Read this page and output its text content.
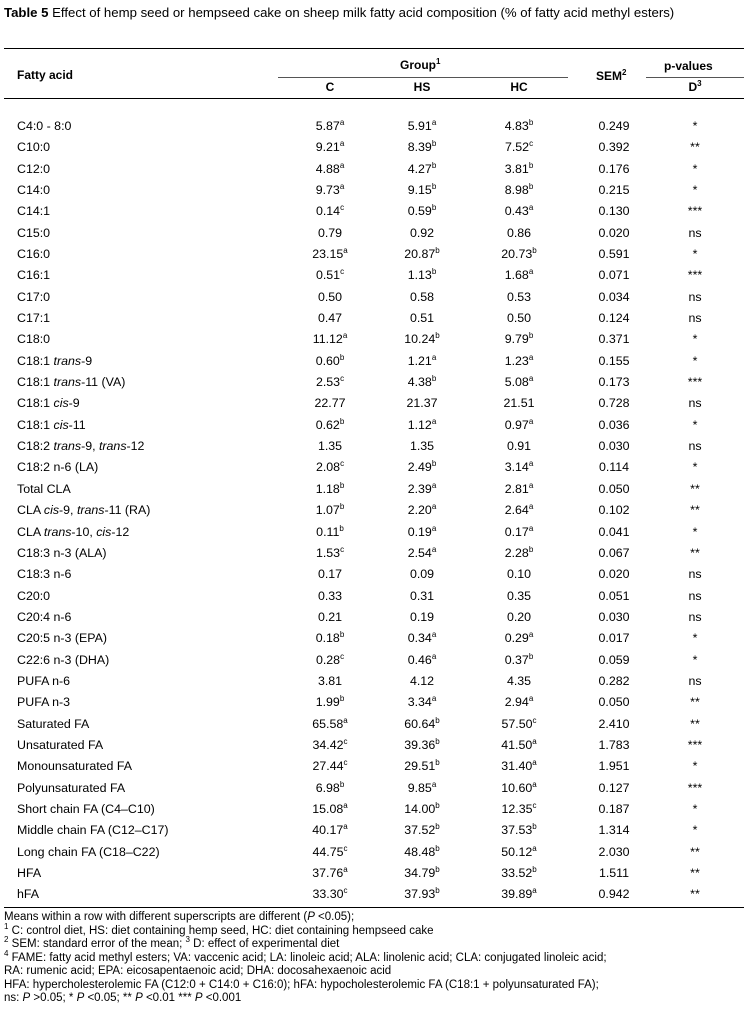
Table 5 Effect of hemp seed or hempseed cake on sheep milk fatty acid composition (% of fatty acid methyl esters)
Fatty acid
Group$^1$
C	HS	HC
SEM$^2$	p-values
$D^3$
C4:0 - 8:0	5.87$^a$	5.91$^a$	4.83$^b$	0.249	*
C10:0	9.21$^a$	8.39$^b$	7.52$^c$	0.392	**
C12:0	4.88$^a$	4.27$^b$	3.81$^b$	0.176	*
C14:0	9.73$^a$	9.15$^b$	8.98$^b$	0.215	*
C14:1	0.14$^c$	0.59$^b$	0.43$^a$	0.130	***
C15:0	0.79	0.92	0.86	0.020	ns
C16:0	23.15$^a$	20.87$^b$	20.73$^b$	0.591	*
C16:1	0.51$^c$	1.13$^b$	1.68$^a$	0.071	***
C17:0	0.50	0.58	0.53	0.034	ns
C17:1	0.47	0.51	0.50	0.124	ns
C18:0	11.12$^a$	10.24$^b$	9.79$^b$	0.371	*
C18:1 trans-9	0.60$^b$	1.21$^a$	1.23$^a$	0.155	*
C18:1 trans-11 (VA)	2.53$^c$	4.38$^b$	5.08$^a$	0.173	***
C18:1 cis-9	22.77	21.37	21.51	0.728	ns
C18:1 cis-11	0.62$^b$	1.12$^a$	0.97$^a$	0.036	*
C18:2 trans-9, trans-12	1.35	1.35	0.91	0.030	ns
C18:2 n-6 (LA)	2.08$^c$	2.49$^b$	3.14$^a$	0.114	*
Total CLA	1.18$^b$	2.39$^a$	2.81$^a$	0.050	**
CLA cis-9, trans-11 (RA)	1.07$^b$	2.20$^a$	2.64$^a$	0.102	**
CLA trans-10, cis-12	0.11$^b$	0.19$^a$	0.17$^a$	0.041	*
C18:3 n-3 (ALA)	1.53$^c$	2.54$^a$	2.28$^b$	0.067	**
C18:3 n-6	0.17	0.09	0.10	0.020	ns
C20:0	0.33	0.31	0.35	0.051	ns
C20:4 n-6	0.21	0.19	0.20	0.030	ns
C20:5 n-3 (EPA)	0.18$^b$	0.34$^a$	0.29$^a$	0.017	*
C22:6 n-3 (DHA)	0.28$^c$	0.46$^a$	0.37$^b$	0.059	*
PUFA n-6	3.81	4.12	4.35	0.282	ns
PUFA n-3	1.99$^b$	3.34$^a$	2.94$^a$	0.050	**
Saturated FA	65.58$^a$	60.64$^b$	57.50$^c$	2.410	**
Unsaturated FA	34.42$^c$	39.36$^b$	41.50$^a$	1.783	***
Monounsaturated FA	27.44$^c$	29.51$^b$	31.40$^a$	1.951	*
Polyunsaturated FA	6.98$^b$	9.85$^a$	10.60$^a$	0.127	***
Short chain FA (C4–C10)	15.08$^a$	14.00$^b$	12.35$^c$	0.187	*
Middle chain FA (C12–C17)	40.17$^a$	37.52$^b$	37.53$^b$	1.314	*
Long chain FA (C18–C22)	44.75$^c$	48.48$^b$	50.12$^a$	2.030	**
HFA	37.76$^a$	34.79$^b$	33.52$^b$	1.511	**
hFA	33.30$^c$	37.93$^b$	39.89$^a$	0.942	**
Means within a row with different superscripts are different (P <0.05);
$^1$ C: control diet, HS: diet containing hemp seed, HC: diet containing hempseed cake
$^2$ SEM: standard error of the mean; $^3$ D: effect of experimental diet
$^4$ FAME: fatty acid methyl esters; VA: vaccenic acid; LA: linoleic acid; ALA: linolenic acid; CLA: conjugated linoleic acid;
RA: rumenic acid; EPA: eicosapentaenoic acid; DHA: docosahexaenoic acid
HFA: hypercholesterolemic FA (C12:0 + C14:0 + C16:0); hFA: hypocholesterolemic FA (C18:1 + polyunsaturated FA);
ns: P >0.05; * P <0.05; ** P <0.01 *** P <0.001
